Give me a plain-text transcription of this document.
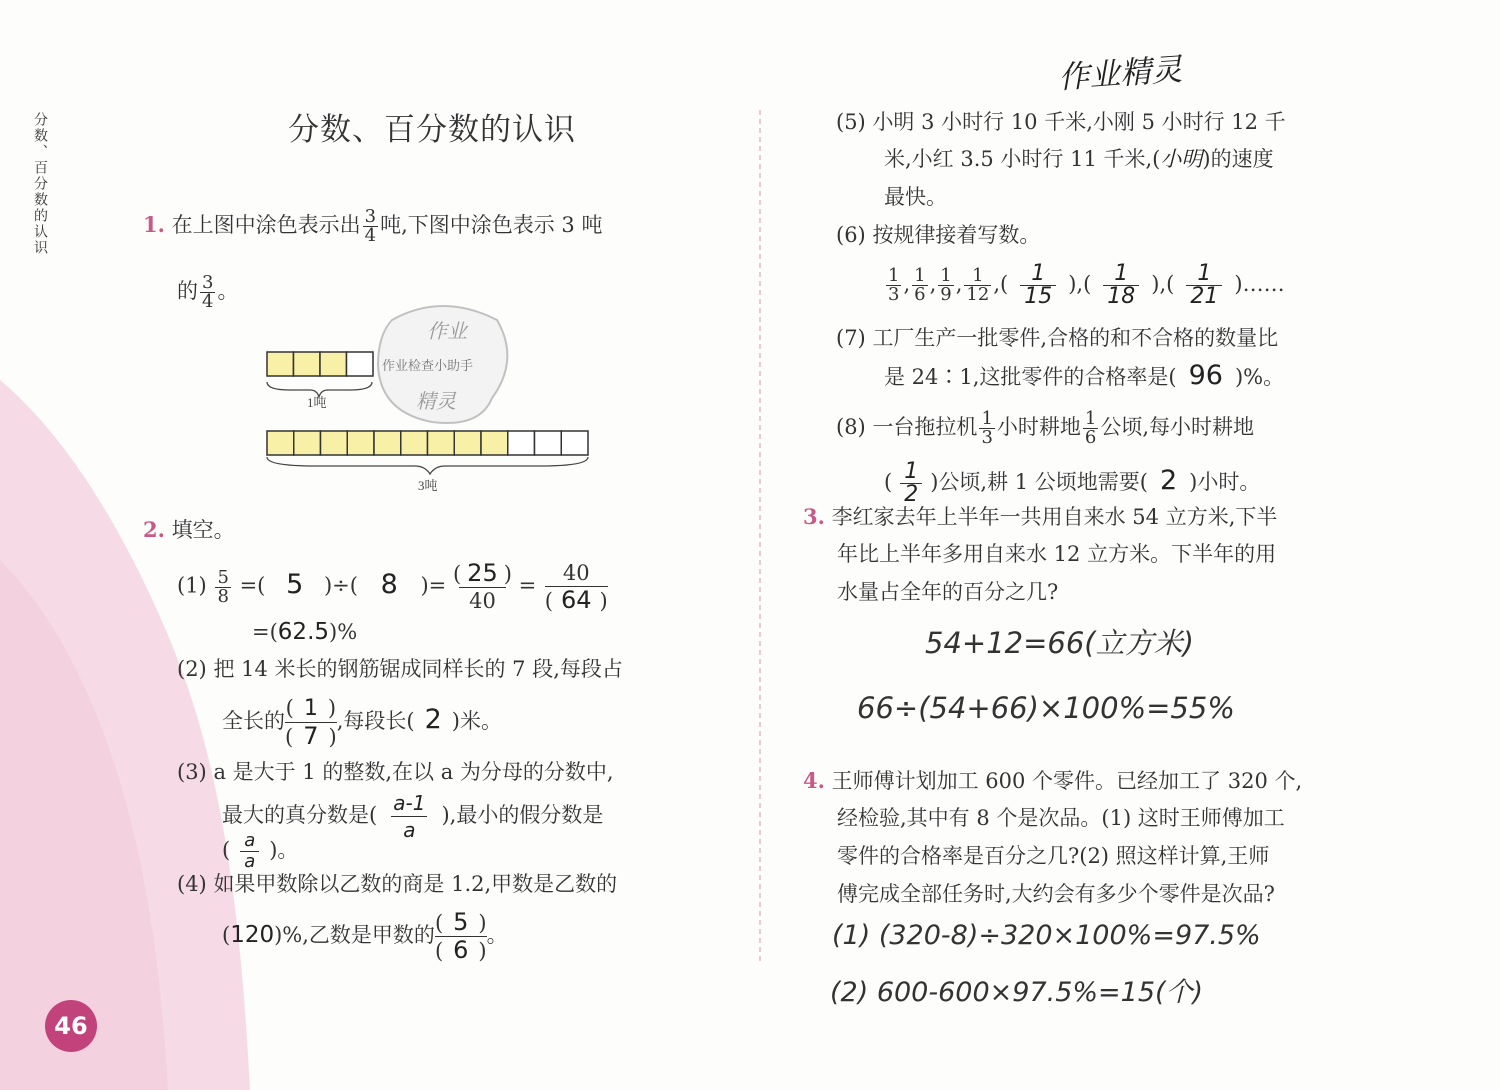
分数、百分数的认识	分数、百分数的认识
作业精灵
1. 在上图中涂色表示出 $\frac{3}{4}$ 吨,下图中涂色表示 3 吨
的 $\frac{3}{4}$ 。
1吨
3吨
作业
作业检查小助手
精灵
2. 填空。
$(1) \frac{5}{8}$ =( 5 )÷( 8 )= $\frac{( 25 )}{40} = \frac{40}{( 64 )}$
=(62.5)%
(2) 把 14 米长的钢筋锯成同样长的 7 段,每段占
全长的 $\frac{( 1 )}{( 7 )}$ ,每段长( 2 )米。
(3) a 是大于 1 的整数,在以 a 为分母的分数中,
最大的真分数是( $\frac{a-1}{a}$ ),最小的假分数是
( $\frac{a}{a}$ )。
(4) 如果甲数除以乙数的商是 1.2,甲数是乙数的
(120)%,乙数是甲数的 $\frac{( 5 )}{( 6 )}$ 。
46
(5) 小明 3 小时行 10 千米,小刚 5 小时行 12 千
米,小红 3.5 小时行 11 千米,(小明)的速度
最快。
(6) 按规律接着写数。
$\frac{1}{3}$ , $\frac{1}{6}$ , $\frac{1}{9}$ , $\frac{1}{12}$ ,( $\frac{1}{15}$ ),( $\frac{1}{18}$ ),( $\frac{1}{21}$ )……
(7) 工厂生产一批零件,合格的和不合格的数量比
是 24∶1,这批零件的合格率是( 96 )%。
(8) 一台拖拉机 $\frac{1}{3}$ 小时耕地 $\frac{1}{6}$ 公顷,每小时耕地
( $\frac{1}{2}$ )公顷,耕 1 公顷地需要( 2 )小时。
3. 李红家去年上半年一共用自来水 54 立方米,下半
年比上半年多用自来水 12 立方米。下半年的用
水量占全年的百分之几?
54+12=66(立方米)
66÷(54+66)×100%=55%
4. 王师傅计划加工 600 个零件。已经加工了 320 个,
经检验,其中有 8 个是次品。(1) 这时王师傅加工
零件的合格率是百分之几?(2) 照这样计算,王师
傅完成全部任务时,大约会有多少个零件是次品?
(1) (320-8)÷320×100%=97.5%
(2) 600-600×97.5%=15(个)
